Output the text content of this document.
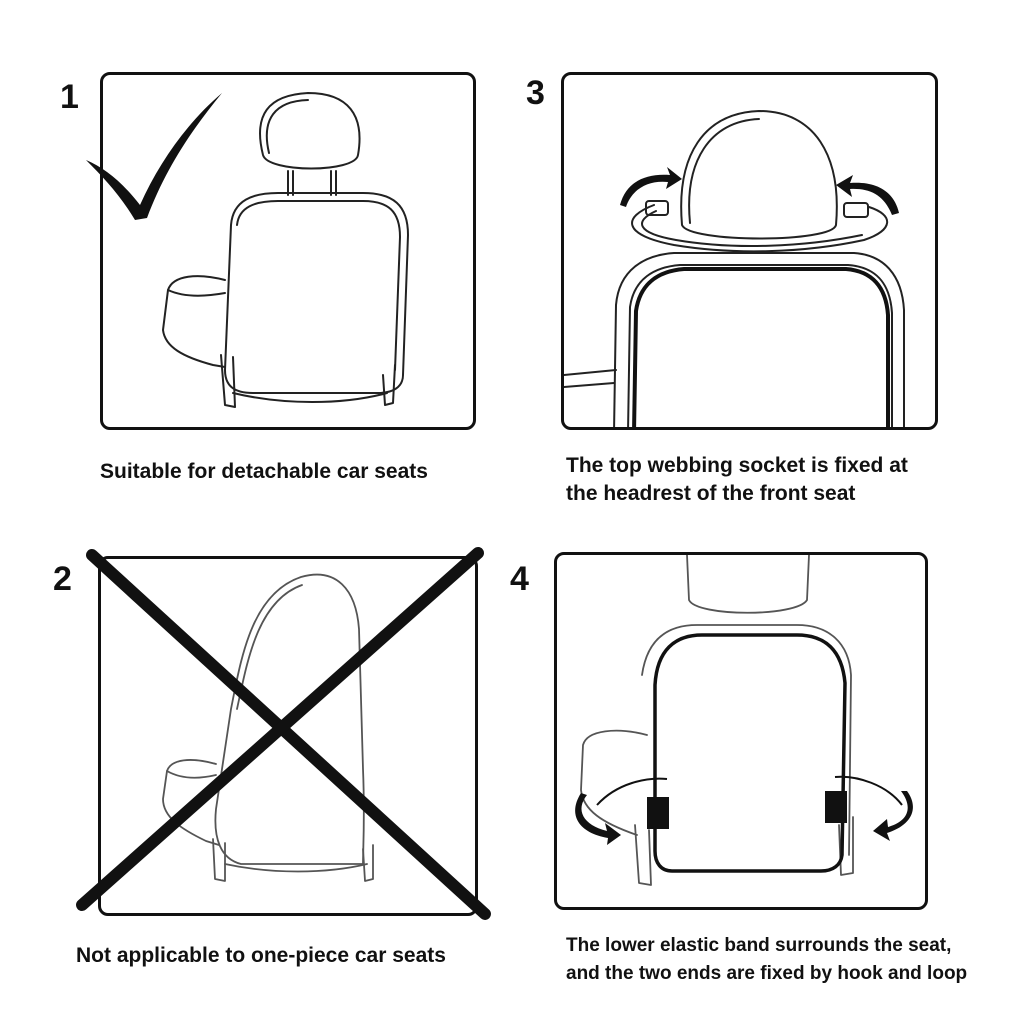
1
Suitable for detachable car seats
2
Not applicable to one-piece car seats
3
The top webbing socket is fixed at
the headrest of the front seat
4
The lower elastic band surrounds the seat,
and the two ends are fixed by hook and loop
